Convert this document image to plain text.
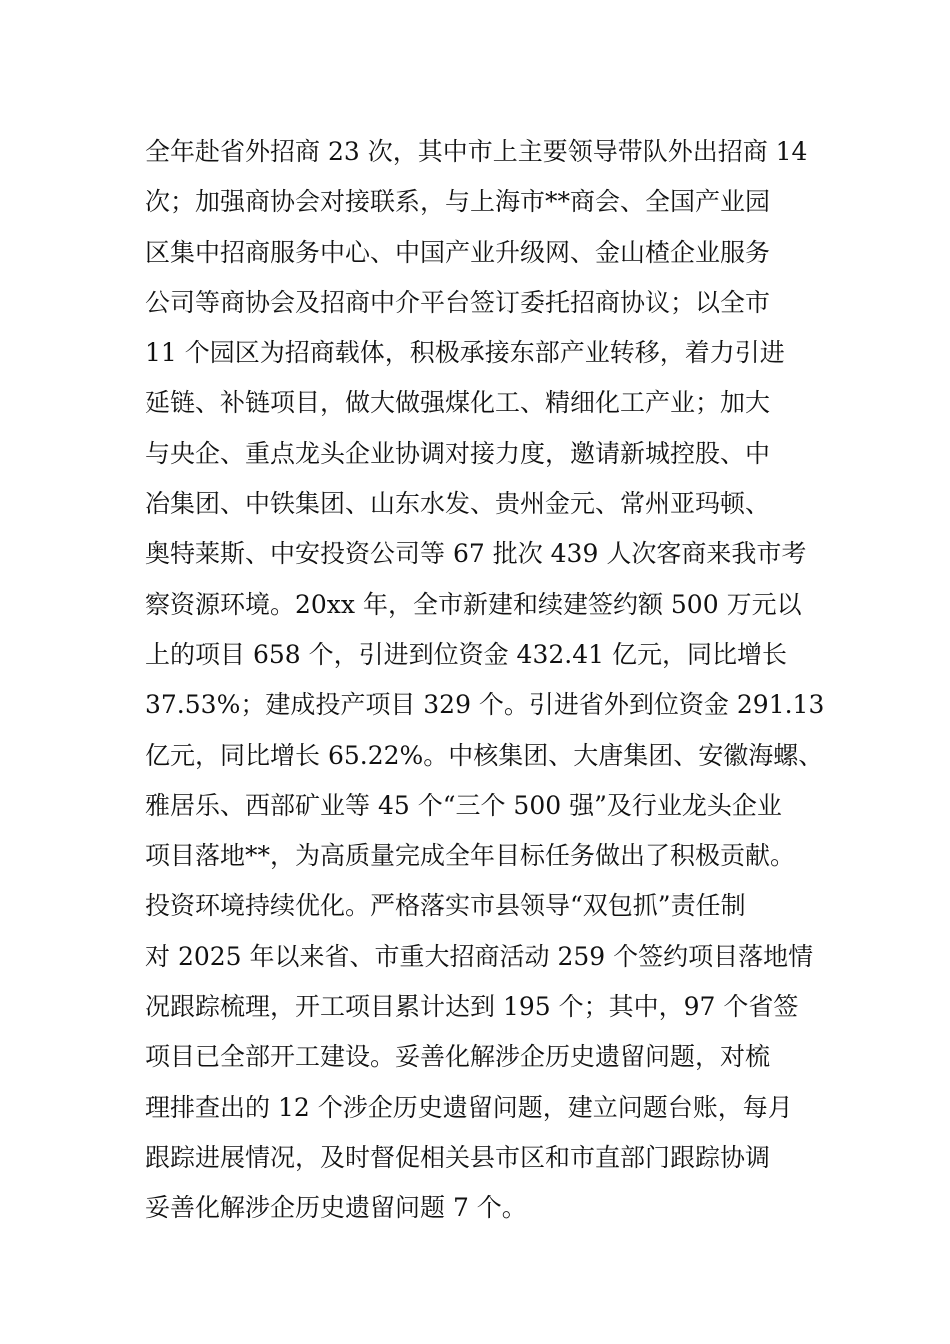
全年赴省外招商 23 次，其中市上主要领导带队外出招商 14
次；加强商协会对接联系，与上海市**商会、全国产业园
区集中招商服务中心、中国产业升级网、金山楂企业服务
公司等商协会及招商中介平台签订委托招商协议；以全市
11 个园区为招商载体，积极承接东部产业转移，着力引进
延链、补链项目，做大做强煤化工、精细化工产业；加大
与央企、重点龙头企业协调对接力度，邀请新城控股、中
冶集团、中铁集团、山东水发、贵州金元、常州亚玛顿、
奥特莱斯、中安投资公司等 67 批次 439 人次客商来我市考
察资源环境。20xx 年，全市新建和续建签约额 500 万元以
上的项目 658 个，引进到位资金 432.41 亿元，同比增长
37.53%；建成投产项目 329 个。引进省外到位资金 291.13
亿元，同比增长 65.22%。中核集团、大唐集团、安徽海螺、
雅居乐、西部矿业等 45 个“三个 500 强”及行业龙头企业
项目落地**，为高质量完成全年目标任务做出了积极贡献。
投资环境持续优化。严格落实市县领导“双包抓”责任制
对 2025 年以来省、市重大招商活动 259 个签约项目落地情
况跟踪梳理，开工项目累计达到 195 个；其中，97 个省签
项目已全部开工建设。妥善化解涉企历史遗留问题，对梳
理排查出的 12 个涉企历史遗留问题，建立问题台账，每月
跟踪进展情况，及时督促相关县市区和市直部门跟踪协调
妥善化解涉企历史遗留问题 7 个。
